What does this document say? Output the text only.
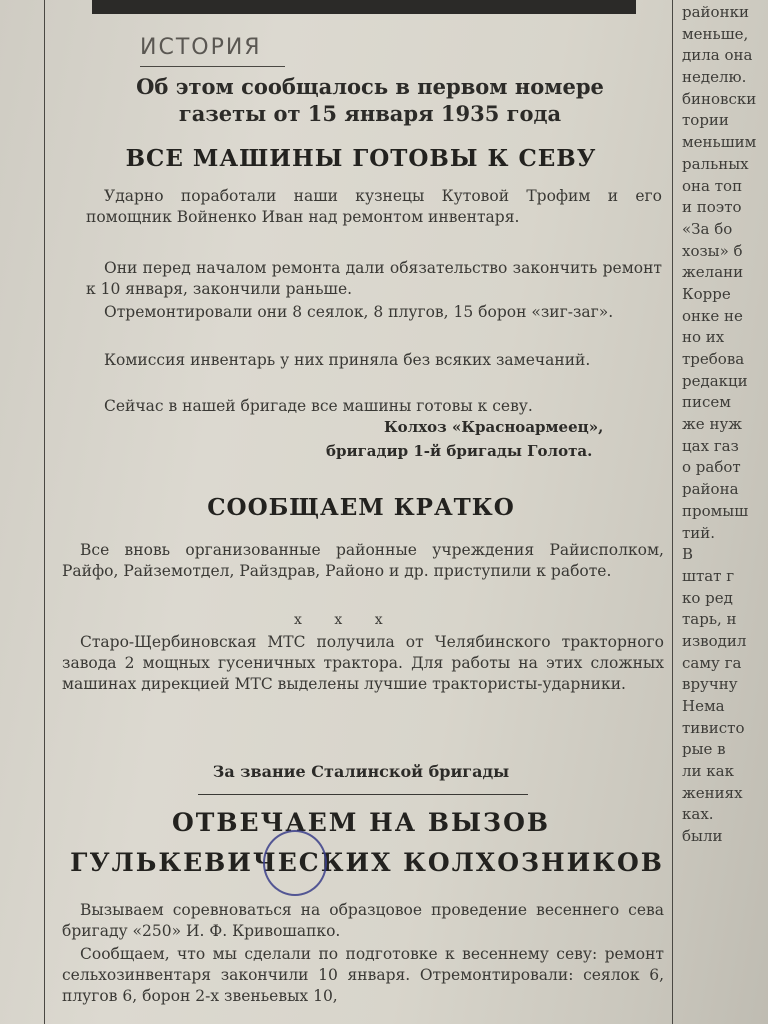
ИСТОРИЯ
Об этом сообщалось в первом номере газеты от 15 января 1935 года
ВСЕ МАШИНЫ ГОТОВЫ К СЕВУ
Ударно поработали наши кузнецы Кутовой Трофим и его помощник Войненко Иван над ремонтом инвентаря.
Они перед началом ремонта дали обязательство закончить ремонт к 10 января, закончили раньше.
Отремонтировали они 8 сеялок, 8 плугов, 15 борон «зиг-заг».
Комиссия инвентарь у них приняла без всяких замечаний.
Сейчас в нашей бригаде все машины готовы к севу.
Колхоз «Красноармеец»,
бригадир 1-й бригады Голота.
СООБЩАЕМ КРАТКО
Все вновь организованные районные учреждения Райисполком, Райфо, Райземотдел, Райздрав, Районо и др. приступили к работе.
x x x
Старо-Щербиновская МТС получила от Челябинского тракторного завода 2 мощных гусеничных трактора. Для работы на этих сложных машинах дирекцией МТС выделены лучшие трактористы-ударники.
За звание Сталинской бригады
ОТВЕЧАЕМ НА ВЫЗОВ
ГУЛЬКЕВИЧЕСКИХ КОЛХОЗНИКОВ
Вызываем соревноваться на образцовое проведение весеннего сева бригаду «250» И. Ф. Кривошапко.
Сообщаем, что мы сделали по подготовке к весеннему севу: ремонт сельхозинвентаря закончили 10 января. Отремонтировали: сеялок 6, плугов 6, борон 2-х звеньевых 10,
районки
меньше,
дила она
неделю.
биновски
тории
меньшим
ральных
она топ
и поэто
«За бо
хозы» б
желани
Корре
онке не
но их
требова
редакци
писем
же нуж
цах газ
о работ
района
промыш
тий.
В
штат г
ко ред
тарь, н
изводил
саму га
вручну
Нема
тивисто
рые в
ли как
жениях
ках.
были
